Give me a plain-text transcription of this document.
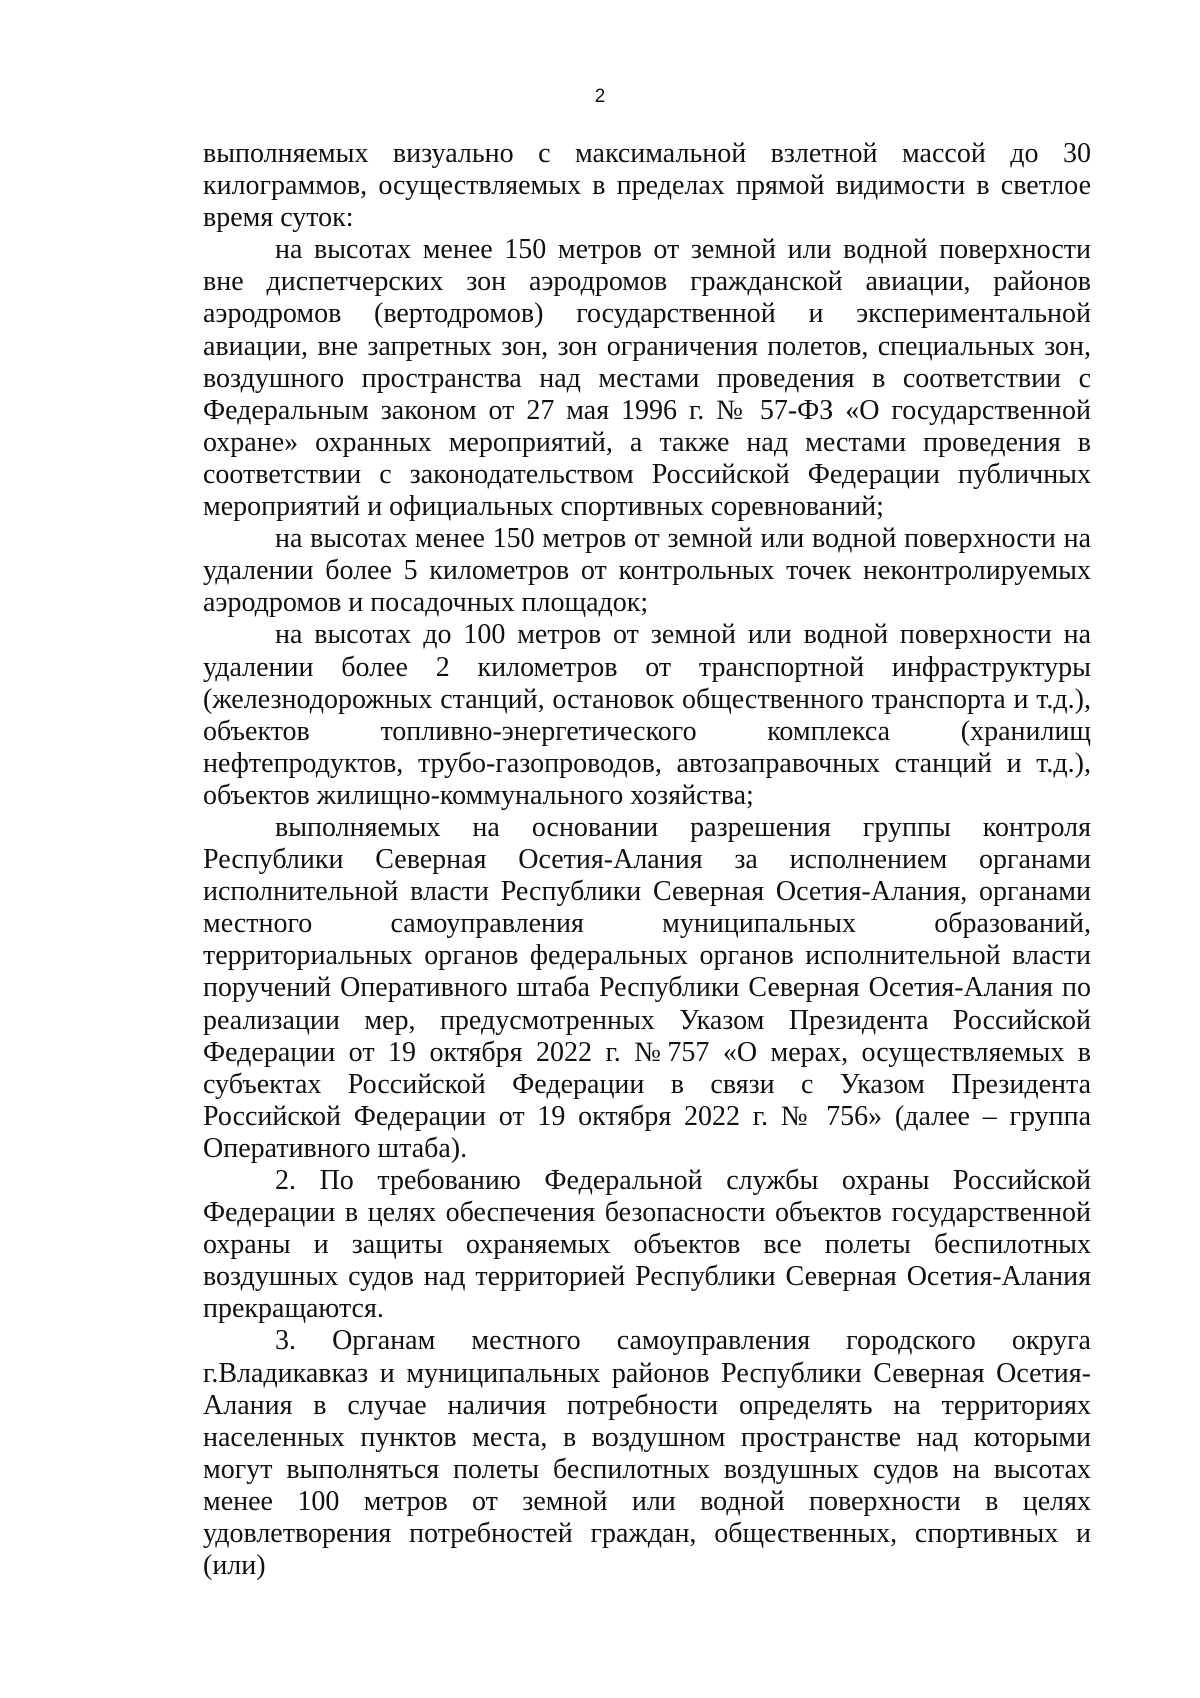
2

выполняемых визуально с максимальной взлетной массой до 30 килограммов, осуществляемых в пределах прямой видимости в светлое время суток:

на высотах менее 150 метров от земной или водной поверхности вне диспетчерских зон аэродромов гражданской авиации, районов аэродромов (вертодромов) государственной и экспериментальной авиации, вне запретных зон, зон ограничения полетов, специальных зон, воздушного пространства над местами проведения в соответствии с Федеральным законом от 27 мая 1996 г. № 57-ФЗ «О государственной охране» охранных мероприятий, а также над местами проведения в соответствии с законодательством Российской Федерации публичных мероприятий и официальных спортивных соревнований;

на высотах менее 150 метров от земной или водной поверхности на удалении более 5 километров от контрольных точек неконтролируемых аэродромов и посадочных площадок;

на высотах до 100 метров от земной или водной поверхности на удалении более 2 километров от транспортной инфраструктуры (железнодорожных станций, остановок общественного транспорта и т.д.), объектов топливно-энергетического комплекса (хранилищ нефтепродуктов, трубо-газопроводов, автозаправочных станций и т.д.), объектов жилищно-коммунального хозяйства;

выполняемых на основании разрешения группы контроля Республики Северная Осетия-Алания за исполнением органами исполнительной власти Республики Северная Осетия-Алания, органами местного самоуправления муниципальных образований, территориальных органов федеральных органов исполнительной власти поручений Оперативного штаба Республики Северная Осетия-Алания по реализации мер, предусмотренных Указом Президента Российской Федерации от 19 октября 2022 г. №757 «О мерах, осуществляемых в субъектах Российской Федерации в связи с Указом Президента Российской Федерации от 19 октября 2022 г. № 756» (далее – группа Оперативного штаба).

2. По требованию Федеральной службы охраны Российской Федерации в целях обеспечения безопасности объектов государственной охраны и защиты охраняемых объектов все полеты беспилотных воздушных судов над территорией Республики Северная Осетия-Алания прекращаются.

3. Органам местного самоуправления городского округа г.Владикавказ и муниципальных районов Республики Северная Осетия-Алания в случае наличия потребности определять на территориях населенных пунктов места, в воздушном пространстве над которыми могут выполняться полеты беспилотных воздушных судов на высотах менее 100 метров от земной или водной поверхности в целях удовлетворения потребностей граждан, общественных, спортивных и (или)
